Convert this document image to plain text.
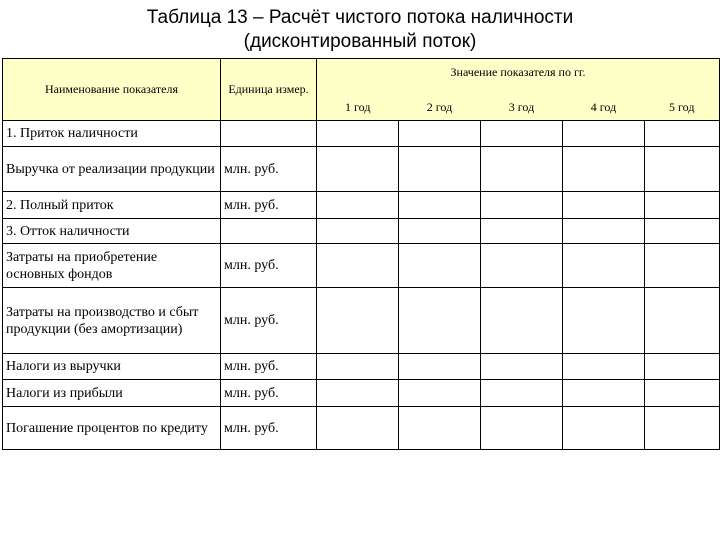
Таблица 13 – Расчёт чистого потока наличности
(дисконтированный поток)
Наименование показателя	Единица измер.	Значение показателя по гг.				
		1 год	2 год	3 год	4 год	5 год
1. Приток наличности						
Выручка от реализации продукции	млн. руб.					
2. Полный приток	млн. руб.					
3. Отток наличности						
Затраты на приобретение основных фондов	млн. руб.					
Затраты на производство и сбыт продукции (без амортизации)	млн. руб.					
Налоги из выручки	млн. руб.					
Налоги из прибыли	млн. руб.					
Погашение процентов по кредиту	млн. руб.					
